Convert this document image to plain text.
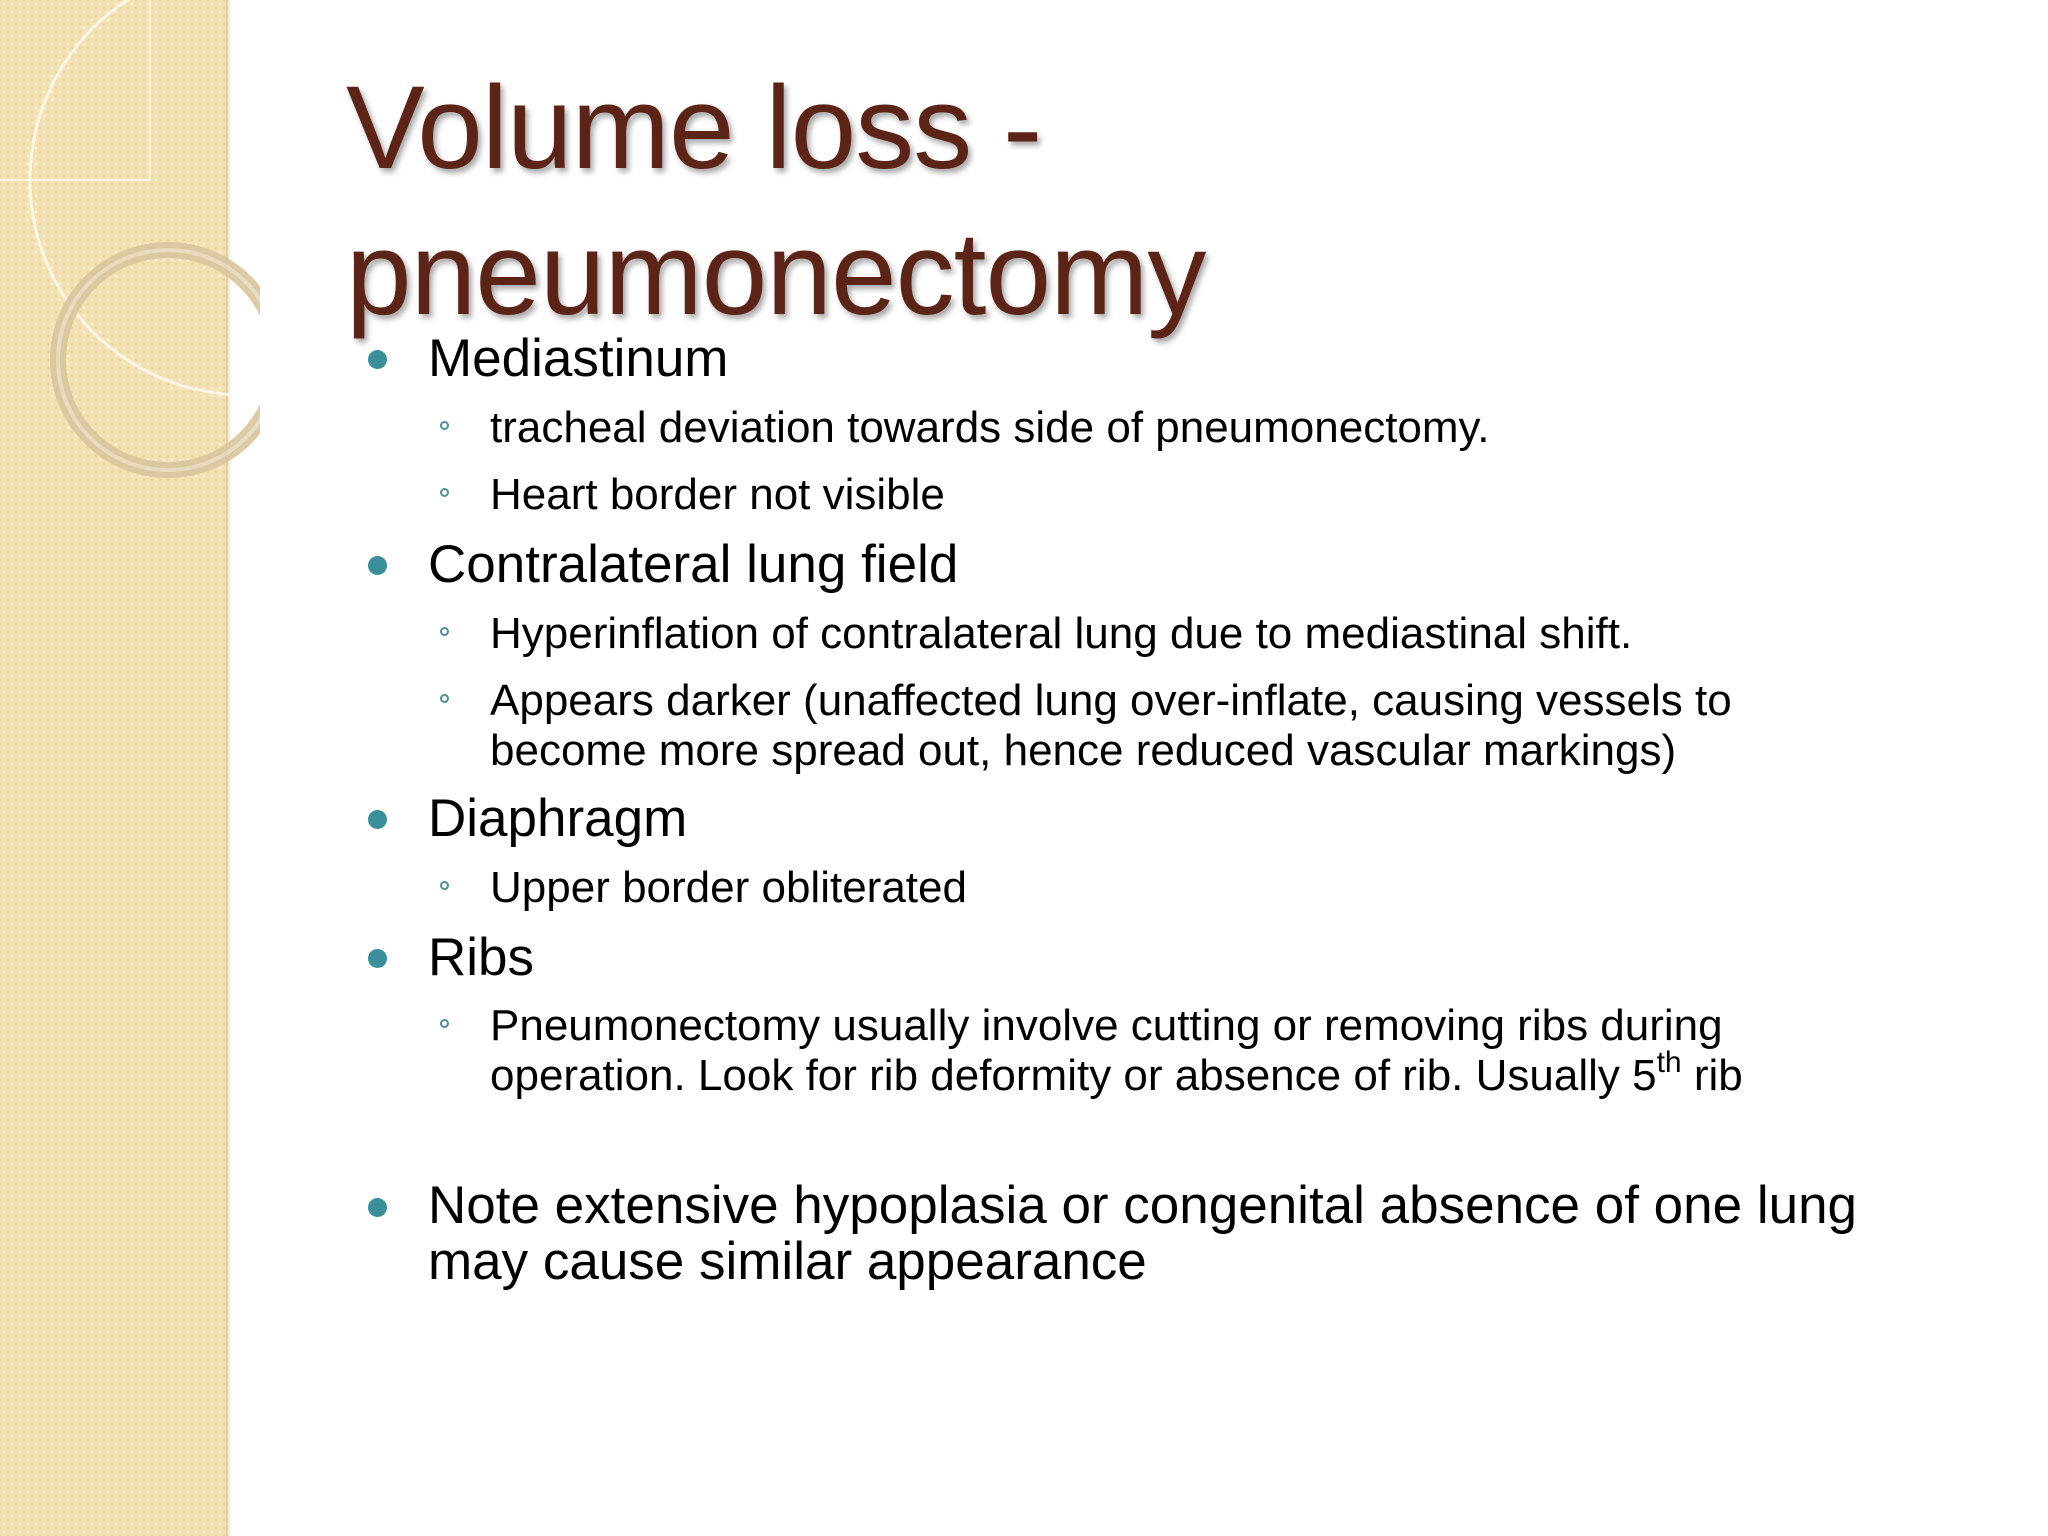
Volume loss -
pneumonectomy
Mediastinum
tracheal deviation towards side of pneumonectomy.
Heart border not visible
Contralateral lung field
Hyperinflation of contralateral lung due to mediastinal shift.
Appears darker (unaffected lung over-inflate, causing vessels to
become more spread out, hence reduced vascular markings)
Diaphragm
Upper border obliterated
Ribs
Pneumonectomy usually involve cutting or removing ribs during
operation. Look for rib deformity or absence of rib. Usually 5th rib
Note extensive hypoplasia or congenital absence of one lung
may cause similar appearance
